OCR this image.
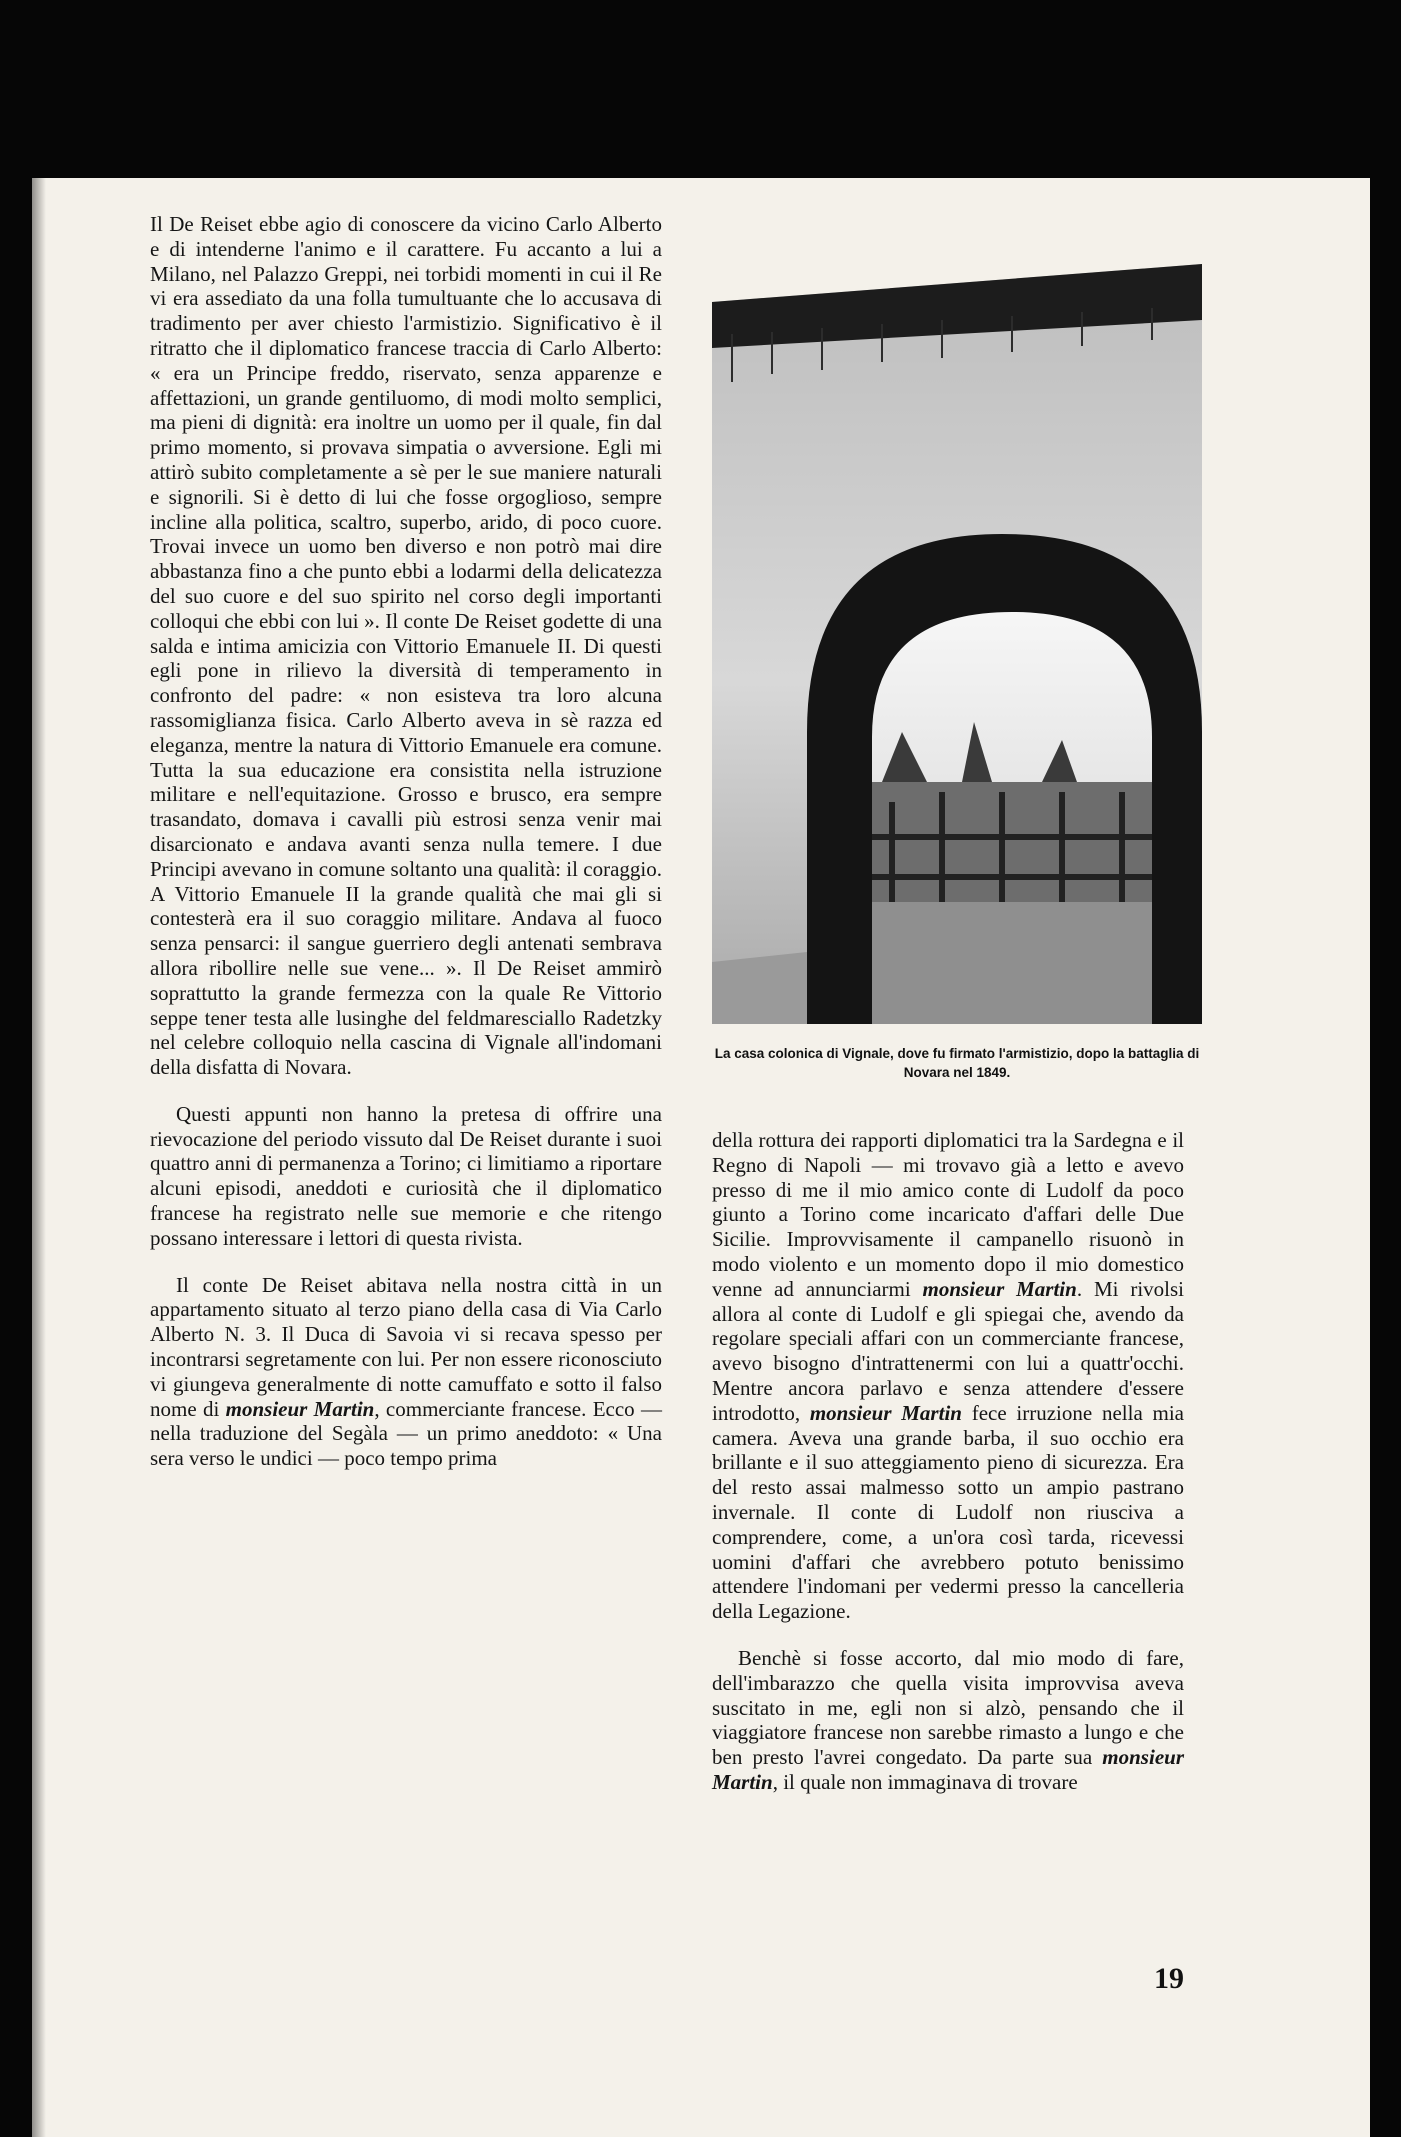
Il De Reiset ebbe agio di conoscere da vicino Carlo Alberto e di intenderne l'animo e il carattere. Fu accanto a lui a Milano, nel Palazzo Greppi, nei torbidi momenti in cui il Re vi era assediato da una folla tumultuante che lo accusava di tradimento per aver chiesto l'armistizio. Significativo è il ritratto che il diplomatico francese traccia di Carlo Alberto: « era un Principe freddo, riservato, senza apparenze e affettazioni, un grande gentiluomo, di modi molto semplici, ma pieni di dignità: era inoltre un uomo per il quale, fin dal primo momento, si provava simpatia o avversione. Egli mi attirò subito completamente a sè per le sue maniere naturali e signorili. Si è detto di lui che fosse orgoglioso, sempre incline alla politica, scaltro, superbo, arido, di poco cuore. Trovai invece un uomo ben diverso e non potrò mai dire abbastanza fino a che punto ebbi a lodarmi della delicatezza del suo cuore e del suo spirito nel corso degli importanti colloqui che ebbi con lui ». Il conte De Reiset godette di una salda e intima amicizia con Vittorio Emanuele II. Di questi egli pone in rilievo la diversità di temperamento in confronto del padre: « non esisteva tra loro alcuna rassomiglianza fisica. Carlo Alberto aveva in sè razza ed eleganza, mentre la natura di Vittorio Emanuele era comune. Tutta la sua educazione era consistita nella istruzione militare e nell'equitazione. Grosso e brusco, era sempre trasandato, domava i cavalli più estrosi senza venir mai disarcionato e andava avanti senza nulla temere. I due Principi avevano in comune soltanto una qualità: il coraggio. A Vittorio Emanuele II la grande qualità che mai gli si contesterà era il suo coraggio militare. Andava al fuoco senza pensarci: il sangue guerriero degli antenati sembrava allora ribollire nelle sue vene... ». Il De Reiset ammirò soprattutto la grande fermezza con la quale Re Vittorio seppe tener testa alle lusinghe del feldmaresciallo Radetzky nel celebre colloquio nella cascina di Vignale all'indomani della disfatta di Novara.

Questi appunti non hanno la pretesa di offrire una rievocazione del periodo vissuto dal De Reiset durante i suoi quattro anni di permanenza a Torino; ci limitiamo a riportare alcuni episodi, aneddoti e curiosità che il diplomatico francese ha registrato nelle sue memorie e che ritengo possano interessare i lettori di questa rivista.

Il conte De Reiset abitava nella nostra città in un appartamento situato al terzo piano della casa di Via Carlo Alberto N. 3. Il Duca di Savoia vi si recava spesso per incontrarsi segretamente con lui. Per non essere riconosciuto vi giungeva generalmente di notte camuffato e sotto il falso nome di monsieur Martin, commerciante francese. Ecco — nella traduzione del Segàla — un primo aneddoto: « Una sera verso le undici — poco tempo prima

La casa colonica di Vignale, dove fu firmato l'armistizio, dopo la battaglia di Novara nel 1849.

della rottura dei rapporti diplomatici tra la Sardegna e il Regno di Napoli — mi trovavo già a letto e avevo presso di me il mio amico conte di Ludolf da poco giunto a Torino come incaricato d'affari delle Due Sicilie. Improvvisamente il campanello risuonò in modo violento e un momento dopo il mio domestico venne ad annunciarmi monsieur Martin. Mi rivolsi allora al conte di Ludolf e gli spiegai che, avendo da regolare speciali affari con un commerciante francese, avevo bisogno d'intrattenermi con lui a quattr'occhi. Mentre ancora parlavo e senza attendere d'essere introdotto, monsieur Martin fece irruzione nella mia camera. Aveva una grande barba, il suo occhio era brillante e il suo atteggiamento pieno di sicurezza. Era del resto assai malmesso sotto un ampio pastrano invernale. Il conte di Ludolf non riusciva a comprendere, come, a un'ora così tarda, ricevessi uomini d'affari che avrebbero potuto benissimo attendere l'indomani per vedermi presso la cancelleria della Legazione.

Benchè si fosse accorto, dal mio modo di fare, dell'imbarazzo che quella visita improvvisa aveva suscitato in me, egli non si alzò, pensando che il viaggiatore francese non sarebbe rimasto a lungo e che ben presto l'avrei congedato. Da parte sua monsieur Martin, il quale non immaginava di trovare

19
